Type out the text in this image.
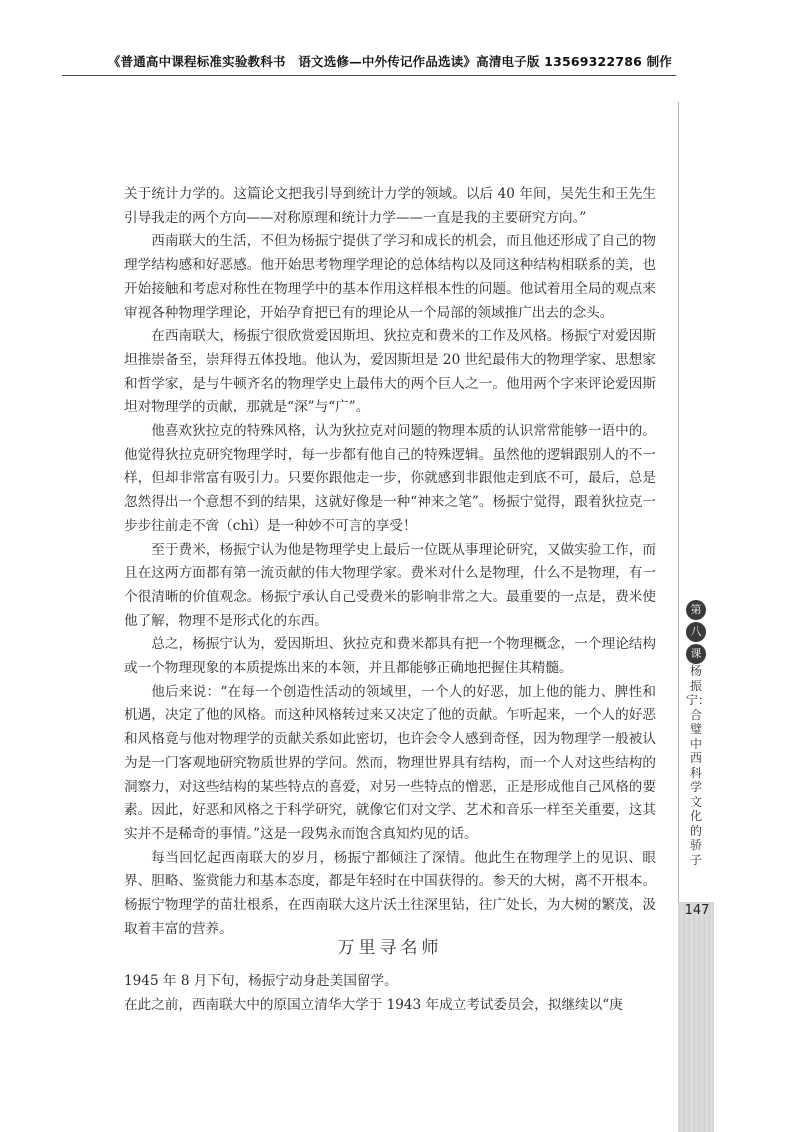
《普通高中课程标准实验教科书　语文选修—中外传记作品选读》高清电子版 13569322786 制作

关于统计力学的。这篇论文把我引导到统计力学的领域。以后 40 年间，吴先生和王先生引导我走的两个方向——对称原理和统计力学——一直是我的主要研究方向。”

西南联大的生活，不但为杨振宁提供了学习和成长的机会，而且他还形成了自己的物理学结构感和好恶感。他开始思考物理学理论的总体结构以及同这种结构相联系的美，也开始接触和考虑对称性在物理学中的基本作用这样根本性的问题。他试着用全局的观点来审视各种物理学理论，开始孕育把已有的理论从一个局部的领域推广出去的念头。

在西南联大，杨振宁很欣赏爱因斯坦、狄拉克和费米的工作及风格。杨振宁对爱因斯坦推崇备至，崇拜得五体投地。他认为，爱因斯坦是 20 世纪最伟大的物理学家、思想家和哲学家，是与牛顿齐名的物理学史上最伟大的两个巨人之一。他用两个字来评论爱因斯坦对物理学的贡献，那就是“深”与“广”。

他喜欢狄拉克的特殊风格，认为狄拉克对问题的物理本质的认识常常能够一语中的。他觉得狄拉克研究物理学时，每一步都有他自己的特殊逻辑。虽然他的逻辑跟别人的不一样，但却非常富有吸引力。只要你跟他走一步，你就感到非跟他走到底不可，最后，总是忽然得出一个意想不到的结果，这就好像是一种“神来之笔”。杨振宁觉得，跟着狄拉克一步步往前走不啻（chì）是一种妙不可言的享受！

至于费米，杨振宁认为他是物理学史上最后一位既从事理论研究，又做实验工作，而且在这两方面都有第一流贡献的伟大物理学家。费米对什么是物理，什么不是物理，有一个很清晰的价值观念。杨振宁承认自己受费米的影响非常之大。最重要的一点是，费米使他了解，物理不是形式化的东西。

总之，杨振宁认为，爱因斯坦、狄拉克和费米都具有把一个物理概念，一个理论结构或一个物理现象的本质提炼出来的本领，并且都能够正确地把握住其精髓。

他后来说：“在每一个创造性活动的领域里，一个人的好恶，加上他的能力、脾性和机遇，决定了他的风格。而这种风格转过来又决定了他的贡献。乍听起来，一个人的好恶和风格竟与他对物理学的贡献关系如此密切，也许会令人感到奇怪，因为物理学一般被认为是一门客观地研究物质世界的学问。然而，物理世界具有结构，而一个人对这些结构的洞察力，对这些结构的某些特点的喜爱，对另一些特点的憎恶，正是形成他自己风格的要素。因此，好恶和风格之于科学研究，就像它们对文学、艺术和音乐一样至关重要，这其实并不是稀奇的事情。”这是一段隽永而饱含真知灼见的话。

每当回忆起西南联大的岁月，杨振宁都倾注了深情。他此生在物理学上的见识、眼界、胆略、鉴赏能力和基本态度，都是年轻时在中国获得的。参天的大树，离不开根本。杨振宁物理学的苗壮根系，在西南联大这片沃土往深里钻，往广处长，为大树的繁茂，汲取着丰富的营养。

万里寻名师

1945 年 8 月下旬，杨振宁动身赴美国留学。

在此之前，西南联大中的原国立清华大学于 1943 年成立考试委员会，拟继续以“庚

第
八
课
杨振宁：合璧中西科学文化的骄子
147
